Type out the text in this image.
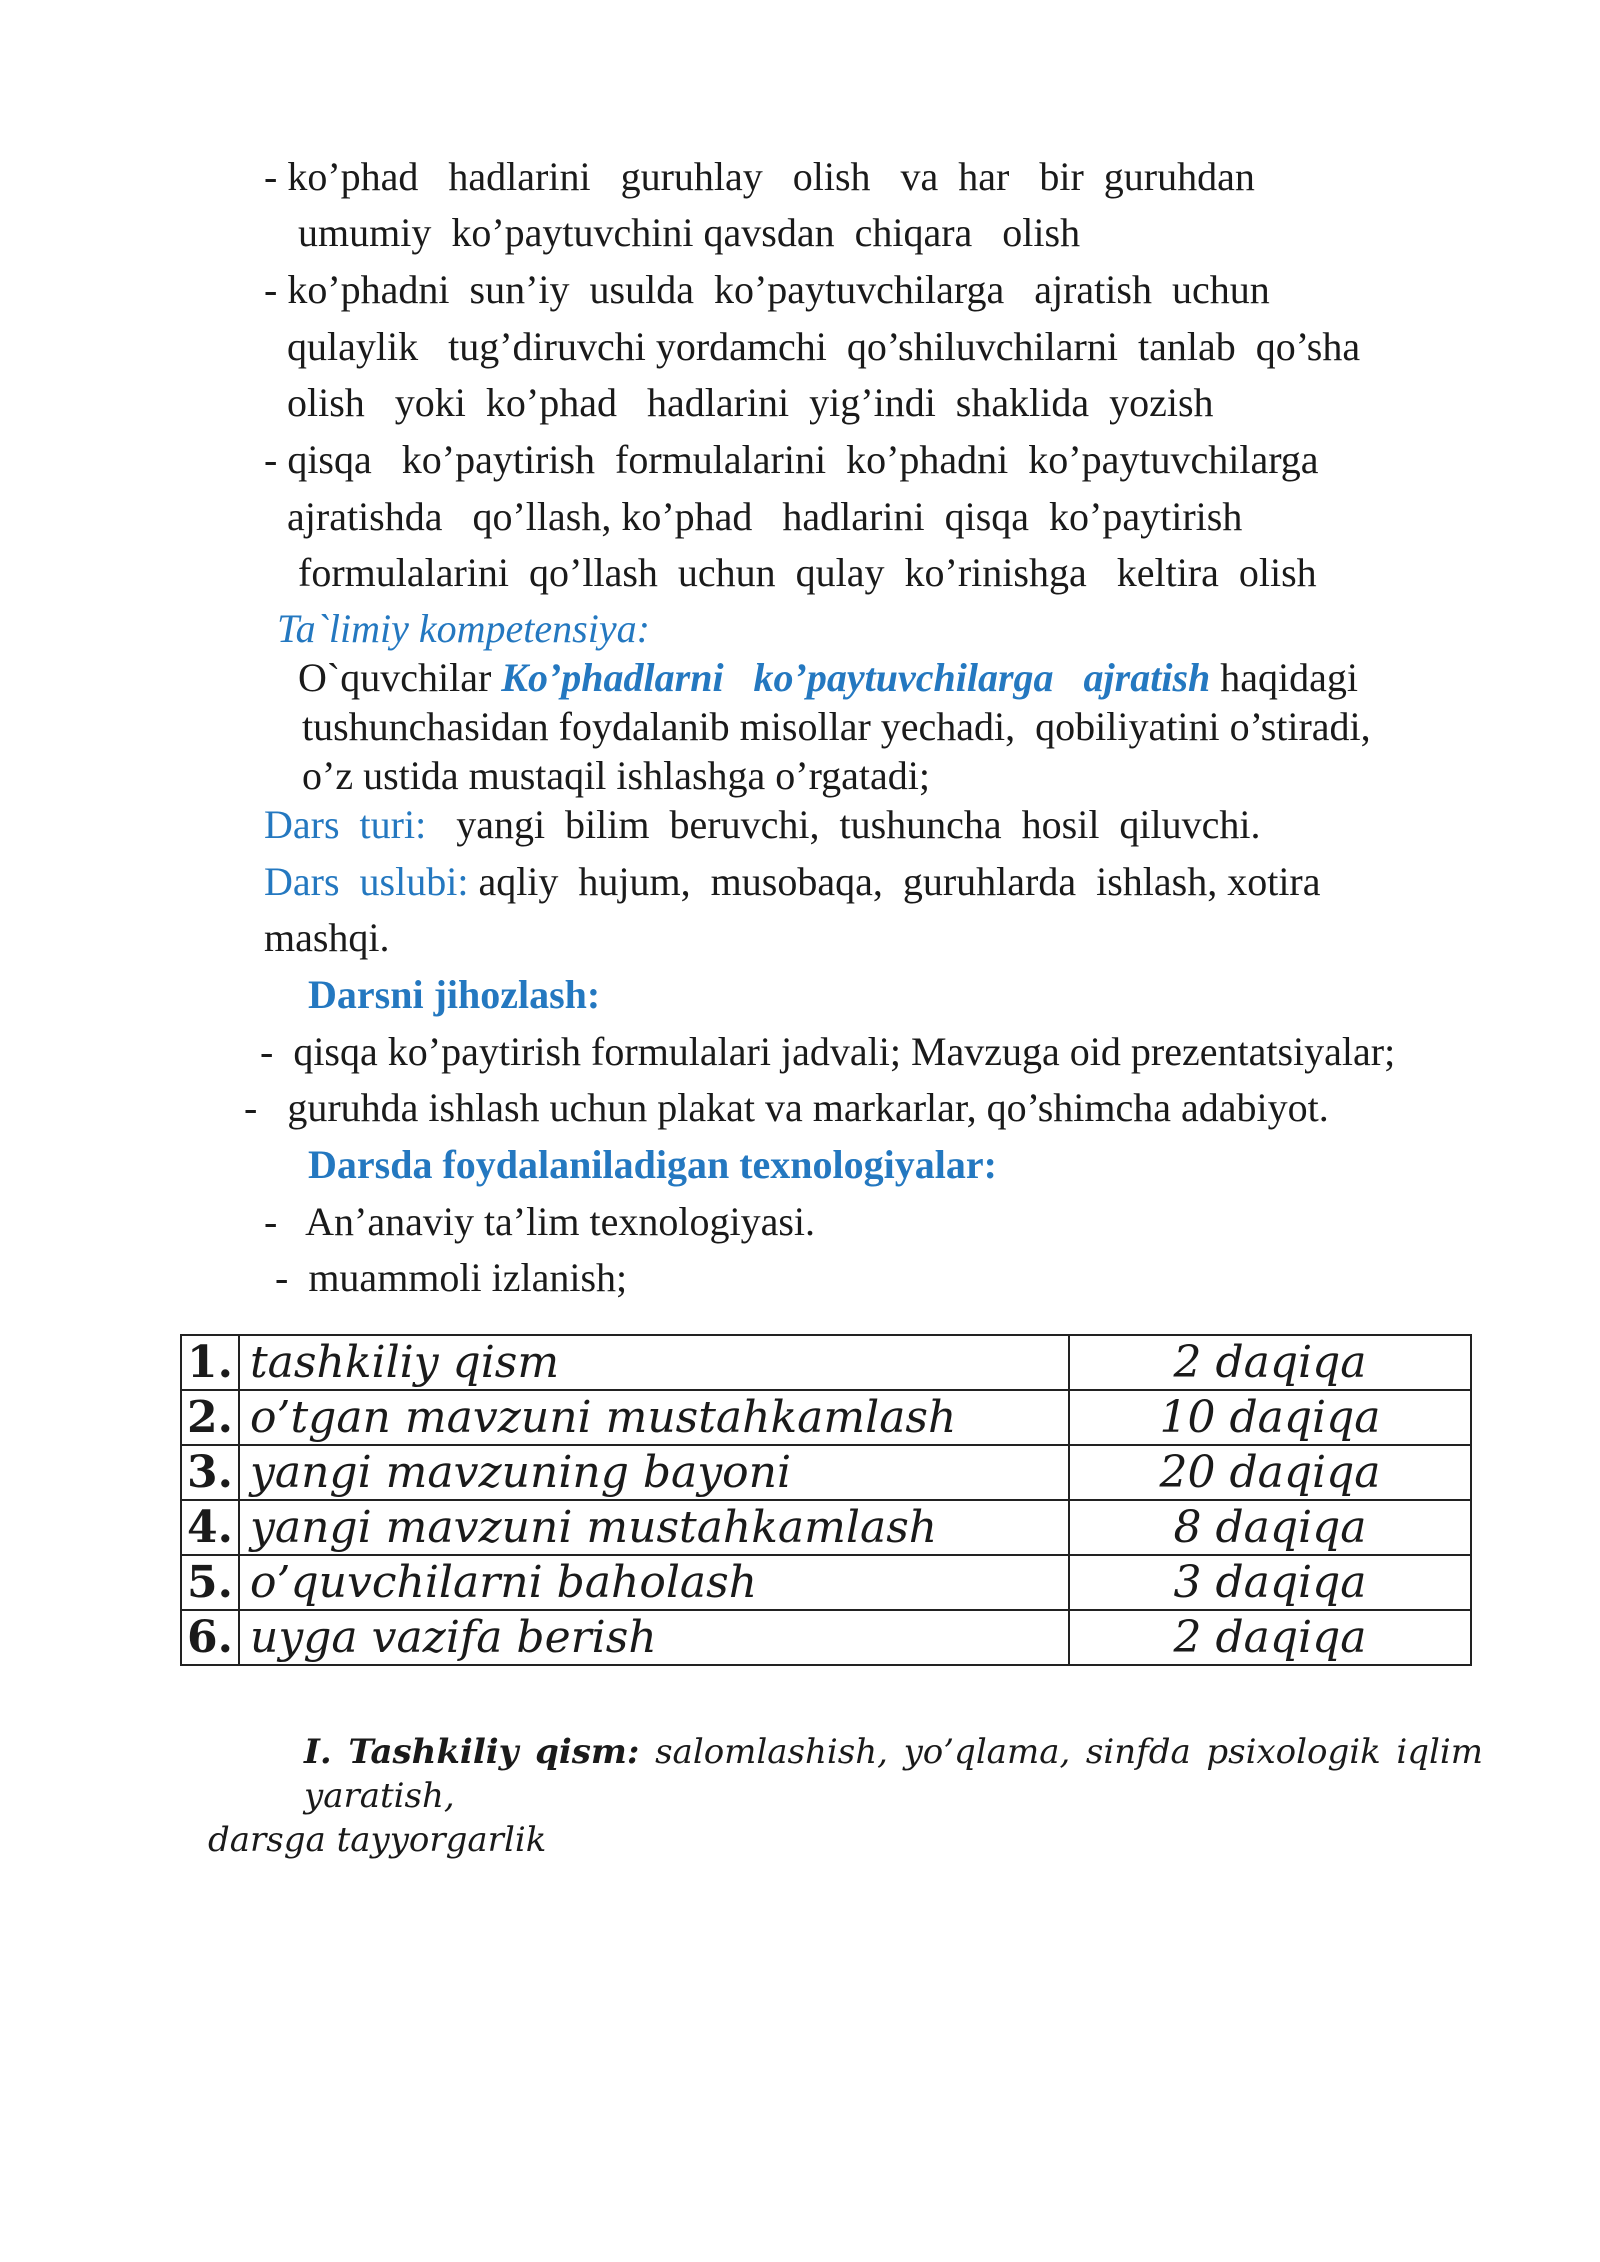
- ko’phad   hadlarini   guruhlay   olish   va  har   bir  guruhdan
umumiy  ko’paytuvchini qavsdan  chiqara   olish
- ko’phadni  sun’iy  usulda  ko’paytuvchilarga   ajratish  uchun
qulaylik   tug’diruvchi yordamchi  qo’shiluvchilarni  tanlab  qo’sha
olish   yoki  ko’phad   hadlarini  yig’indi  shaklida  yozish
- qisqa   ko’paytirish  formulalarini  ko’phadni  ko’paytuvchilarga
ajratishda   qo’llash, ko’phad   hadlarini  qisqa  ko’paytirish
formulalarini  qo’llash  uchun  qulay  ko’rinishga   keltira  olish
Ta`limiy kompetensiya:
O`quvchilar Ko’phadlarni   ko’paytuvchilarga   ajratish haqidagi
tushunchasidan foydalanib misollar yechadi,  qobiliyatini o’stiradi,
o’z ustida mustaqil ishlashga o’rgatadi;
Dars  turi:   yangi  bilim  beruvchi,  tushuncha  hosil  qiluvchi.
Dars  uslubi: aqliy  hujum,  musobaqa,  guruhlarda  ishlash, xotira
mashqi.
Darsni jihozlash:
-  qisqa ko’paytirish formulalari jadvali; Mavzuga oid prezentatsiyalar;
-   guruhda ishlash uchun plakat va markarlar, qo’shimcha adabiyot.
Darsda foydalaniladigan texnologiyalar:
-   An’anaviy ta’lim texnologiyasi.
-  muammoli izlanish;
1.	tashkiliy qism	2 daqiqa
2.	o’tgan mavzuni mustahkamlash	10 daqiqa
3.	yangi mavzuning bayoni	20 daqiqa
4.	yangi mavzuni mustahkamlash	8 daqiqa
5.	o’quvchilarni baholash	3 daqiqa
6.	uyga vazifa berish	2 daqiqa
I. Tashkiliy qism: salomlashish, yo’qlama, sinfda psixologik iqlim yaratish,
darsga tayyorgarlik
